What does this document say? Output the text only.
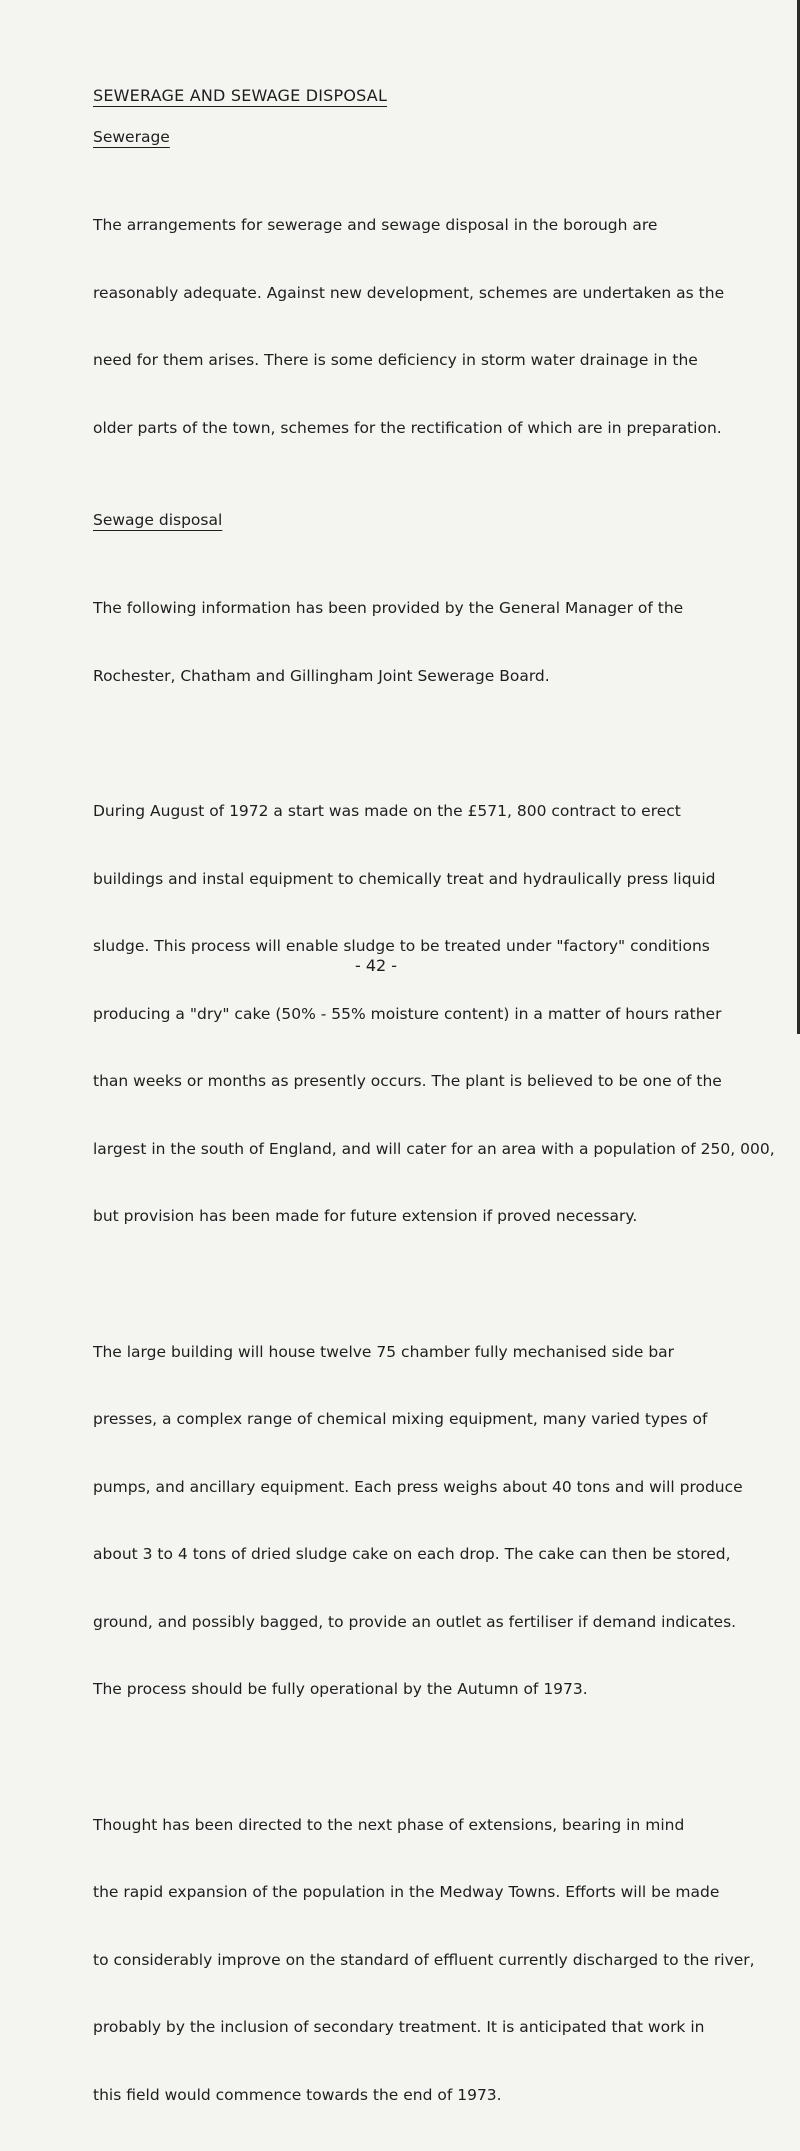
SEWERAGE AND SEWAGE DISPOSAL
Sewerage

The arrangements for sewerage and sewage disposal in the borough are

reasonably adequate. Against new development, schemes are undertaken as the

need for them arises. There is some deficiency in storm water drainage in the

older parts of the town, schemes for the rectification of which are in preparation.

Sewage disposal

The following information has been provided by the General Manager of the

Rochester, Chatham and Gillingham Joint Sewerage Board.

During August of 1972 a start was made on the £571, 800 contract to erect

buildings and instal equipment to chemically treat and hydraulically press liquid

sludge. This process will enable sludge to be treated under "factory" conditions

producing a "dry" cake (50% - 55% moisture content) in a matter of hours rather

than weeks or months as presently occurs. The plant is believed to be one of the

largest in the south of England, and will cater for an area with a population of 250, 000,

but provision has been made for future extension if proved necessary.

The large building will house twelve 75 chamber fully mechanised side bar

presses, a complex range of chemical mixing equipment, many varied types of

pumps, and ancillary equipment. Each press weighs about 40 tons and will produce

about 3 to 4 tons of dried sludge cake on each drop. The cake can then be stored,

ground, and possibly bagged, to provide an outlet as fertiliser if demand indicates.

The process should be fully operational by the Autumn of 1973.

Thought has been directed to the next phase of extensions, bearing in mind

the rapid expansion of the population in the Medway Towns. Efforts will be made

to considerably improve on the standard of effluent currently discharged to the river,

probably by the inclusion of secondary treatment. It is anticipated that work in

this field would commence towards the end of 1973.

- 42 -
